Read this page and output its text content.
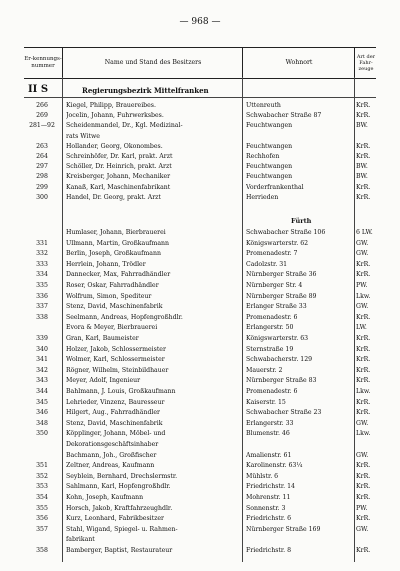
— 968 —
Er-kennungs-nummer	Name und Stand des Besitzers	Wohnort
Art der Fahr-zeuge
II S	Regierungsbezirk Mittelfranken
266	Kiegel, Philipp, Brauereibes.	Uttenreuth	KrR.
269	Jocelin, Johann, Fuhrwerksbes.	Schwabacher Straße 87	KrR.
281—92	Scheidenmandel, Dr., Kgl. Medizinal-	Feuchtwangen	BW.
rats Witwe
263	Hollander, Georg, Ökonombes.	Feuchtwangen	KrR.
264	Schreinhöfer, Dr. Karl, prakt. Arzt	Rechhofen	KrR.
297	Schöller, Dr. Heinrich, prakt. Arzt	Feuchtwangen	BW.
298	Kreisberger, Johann, Mechaniker	Feuchtwangen	BW.
299	Kanaß, Karl, Maschinenfabrikant	Vorderfrankenthal	KrR.
300	Handel, Dr. Georg, prakt. Arzt	Herrieden	KrR.
Fürth
Humlaser, Johann, Bierbrauerei	Schwabacher Straße 106	6 LW.
331	Ullmann, Martin, Großkaufmann	Königswarterstr. 62	GW.
332	Berlin, Joseph, Großkaufmann	Promenadestr. 7	GW.
333	Herrlein, Johann, Trödler	Cadolzstr. 31	KrR.
334	Dannecker, Max, Fahrradhändler	Nürnberger Straße 36	KrR.
335	Roser, Oskar, Fahrradhändler	Nürnberger Str. 4	PW.
336	Wolfrum, Simon, Spediteur	Nürnberger Straße 89	Lkw.
337	Stenz, David, Maschinenfabrik	Erlanger Straße 33	GW.
338	Seelmann, Andreas, Hopfengroßhdlr.	Promenadestr. 6	KrR.
Evora & Meyer, Bierbrauerei	Erlangerstr. 50	LW.
339	Gran, Karl, Baumeister	Königswarterstr. 63	KrR.
340	Holzer, Jakob, Schlossermeister	Sternstraße 19	KrR.
341	Wolmer, Karl, Schlossermeister	Schwabacherstr. 129	KrR.
342	Rögner, Wilhelm, Steinbildhauer	Mauerstr. 2	KrR.
343	Meyer, Adolf, Ingenieur	Nürnberger Straße 83	KrR.
344	Bahlmann, J. Louis, Großkaufmann	Promenadestr. 6	Lkw.
345	Lehrieder, Vinzenz, Bauresseur	Kaiserstr. 15	KrR.
346	Hilgert, Aug., Fahrradhändler	Schwabacher Straße 23	KrR.
348	Stenz, David, Maschinenfabrik	Erlangerstr. 33	GW.
350	Köpplinger, Johann, Möbel- und	Blumenstr. 46	Lkw.
Dekorationsgeschäftsinhaber
Bachmann, Joh., Großfischer	Amalienstr. 61	GW.
351	Zeltner, Andreas, Kaufmann	Karolinenstr. 63¼	KrR.
352	Seyblein, Bernhard, Drechslermstr.	Mühlstr. 6	KrR.
353	Sahlmann, Karl, Hopfengroßhdlr.	Friedrichstr. 14	KrR.
354	Kohn, Joseph, Kaufmann	Mohrenstr. 11	KrR.
355	Horsch, Jakob, Kraftfahrzeughdlr.	Sonnenstr. 3	PW.
356	Kurz, Leonhard, Fabrikbesitzer	Friedrichstr. 6	KrR.
357	Stahl, Wigand, Spiegel- u. Rahmen-	Nürnberger Straße 169	GW.
fabrikant
358	Bamberger, Baptist, Restaurateur	Friedrichstr. 8	KrR.
